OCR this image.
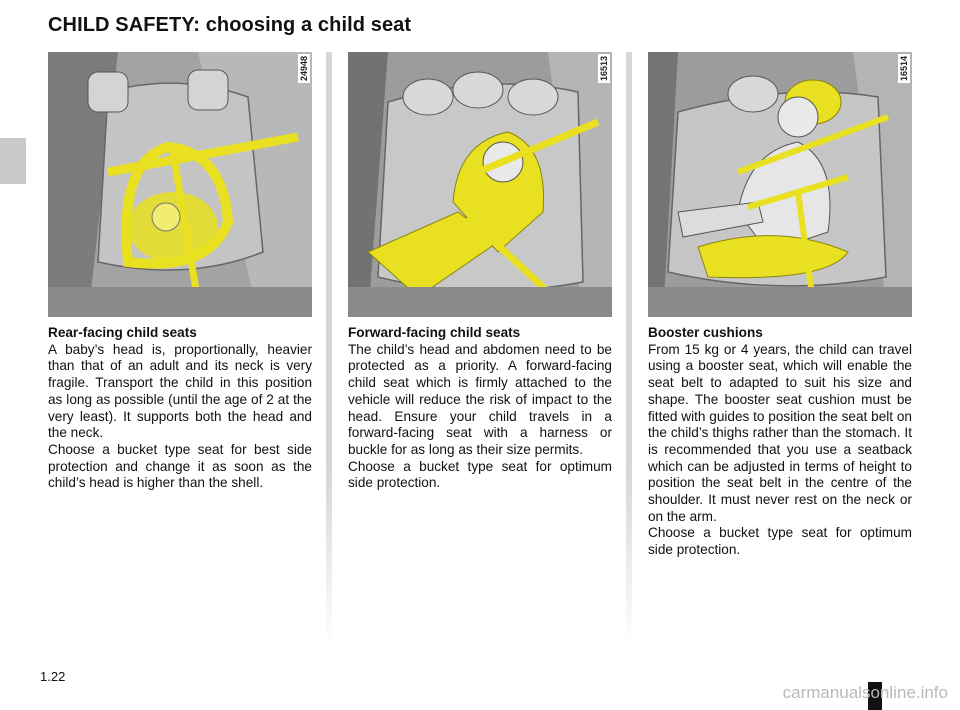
CHILD SAFETY: choosing a child seat
24948
Rear-facing child seats

A baby’s head is, proportionally, heavier than that of an adult and its neck is very fragile. Transport the child in this position as long as possible (until the age of 2 at the very least). It supports both the head and the neck.

Choose a bucket type seat for best side protection and change it as soon as the child’s head is higher than the shell.

16513
Forward-facing child seats

The child’s head and abdomen need to be protected as a priority. A forward-facing child seat which is firmly attached to the vehicle will reduce the risk of impact to the head. Ensure your child travels in a forward-facing seat with a harness or buckle for as long as their size permits.

Choose a bucket type seat for optimum side protection.

16514
Booster cushions

From 15 kg or 4 years, the child can travel using a booster seat, which will enable the seat belt to adapted to suit his size and shape. The booster seat cushion must be fitted with guides to position the seat belt on the child’s thighs rather than the stomach. It is recommended that you use a seatback which can be adjusted in terms of height to position the seat belt in the centre of the shoulder. It must never rest on the neck or on the arm.

Choose a bucket type seat for optimum side protection.

1.22
carmanualsonline.info
